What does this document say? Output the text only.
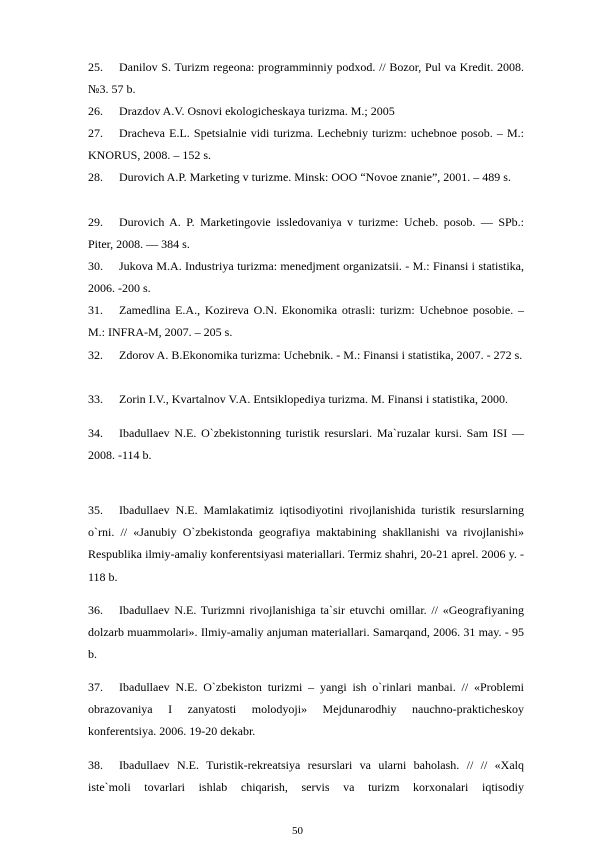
25.	Danilov S. Turizm regeona: programminniy podxod. // Bozor, Pul va Kredit. 2008. №3. 57 b.
26.	Drazdov A.V. Osnovi ekologicheskaya turizma. M.; 2005
27.	Dracheva E.L. Spetsialnie vidi turizma. Lechebniy turizm: uchebnoe posob. – M.: KNORUS, 2008. – 152 s.
28.	Durovich A.P. Marketing v turizme. Minsk: OOO “Novoe znanie”, 2001. – 489 s.
29.	Durovich A. P. Marketingovie issledovaniya v turizme: Ucheb. posob. — SPb.: Piter, 2008. — 384 s.
30.	Jukova M.A. Industriya turizma: menedjment organizatsii. - M.: Finansi i statistika, 2006. -200 s.
31.	Zamedlina E.A., Kozireva O.N. Ekonomika otrasli: turizm: Uchebnoe posobie. – M.: INFRA-M, 2007. – 205 s.
32.	Zdorov A. B.Ekonomika turizma: Uchebnik. - M.: Finansi i statistika, 2007. - 272 s.
33.	Zorin I.V., Kvartalnov V.A. Entsiklopediya turizma. M. Finansi i statistika, 2000.
34.	Ibadullaev N.E. O`zbekistonning turistik resurslari. Ma`ruzalar kursi. Sam ISI — 2008. -114 b.
35.	Ibadullaev N.E. Mamlakatimiz iqtisodiyotini rivojlanishida turistik resurslarning o`rni. // «Janubiy O`zbekistonda geografiya maktabining shakllanishi va rivojlanishi» Respublika ilmiy-amaliy konferentsiyasi materiallari. Termiz shahri, 20-21 aprel. 2006 y. - 118 b.
36.	Ibadullaev N.E. Turizmni rivojlanishiga ta`sir etuvchi omillar. // «Geografiyaning dolzarb muammolari». Ilmiy-amaliy anjuman materiallari. Samarqand, 2006. 31 may. - 95 b.
37.	Ibadullaev N.E. O`zbekiston turizmi – yangi ish o`rinlari manbai. // «Problemi obrazovaniya I zanyatosti molodyoji» Mejdunarodhiy nauchno-prakticheskoy konferentsiya. 2006. 19-20 dekabr.
38.	Ibadullaev N.E. Turistik-rekreatsiya resurslari va ularni baholash. // // «Xalq iste`moli tovarlari ishlab chiqarish, servis va turizm korxonalari iqtisodiy
50
